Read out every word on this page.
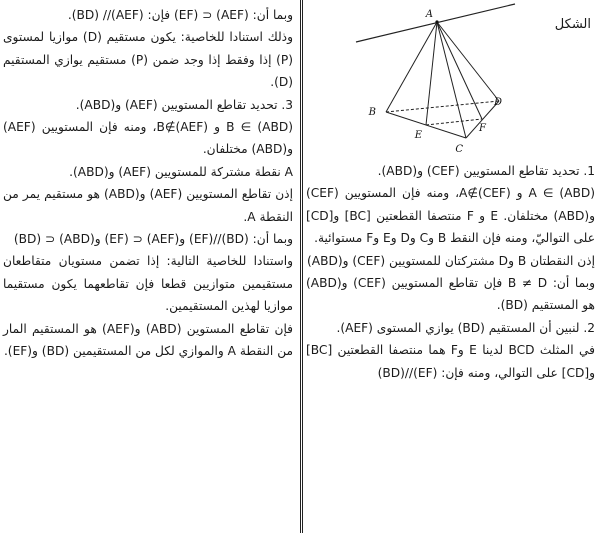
الشكل
A
B
C
D
E
F

1. تحديد تقاطع المستويين (CEF) و(ABD).

A ∈ (ABD) و A∉(CEF)، ومنه فإن المستويين (CEF) و(ABD) مختلفان. E و F منتصفا القطعتين [BC] و[CD] على التواليّ، ومنه فإن النقط B وC وD وE وF مستوائية.

إذن النقطتان B وD مشتركتان للمستويين (CEF) و(ABD)

وبما أن: B ≠ D فإن تقاطع المستويين (CEF) و(ABD) هو المستقيم (BD).

2. لنبين أن المستقيم (BD) يوازي المستوى (AEF).

في المثلث BCD لدينا E وF هما منتصفا القطعتين [BC] و[CD] على التوالي، ومنه فإن: (EF)//(BD)

وبما أن: (AEF) ⊂ (EF) فإن: (AEF)// (BD).

وذلك استنادا للخاصية: يكون مستقيم (D) موازيا لمستوى (P) إذا وفقط إذا وجد ضمن (P) مستقيم يوازي المستقيم (D).

3. تحديد تقاطع المستويين (AEF) و(ABD).

B ∈ (ABD) و B∉(AEF)، ومنه فإن المستويين (AEF) و(ABD) مختلفان.

A نقطة مشتركة للمستويين (AEF) و(ABD).

إذن تقاطع المستويين (AEF) و(ABD) هو مستقيم يمر من النقطة A.

وبما أن: (BD)//(EF) و(AEF) ⊂ (EF) و(ABD) ⊂ (BD)

واستنادا للخاصية التالية: إذا تضمن مستويان متقاطعان مستقيمين متوازيين قطعا فإن تقاطعهما يكون مستقيما موازيا لهذين المستقيمين.

فإن تقاطع المستوين (ABD) و(AEF) هو المستقيم المار من النقطة A والموازي لكل من المستقيمين (BD) و(EF).
